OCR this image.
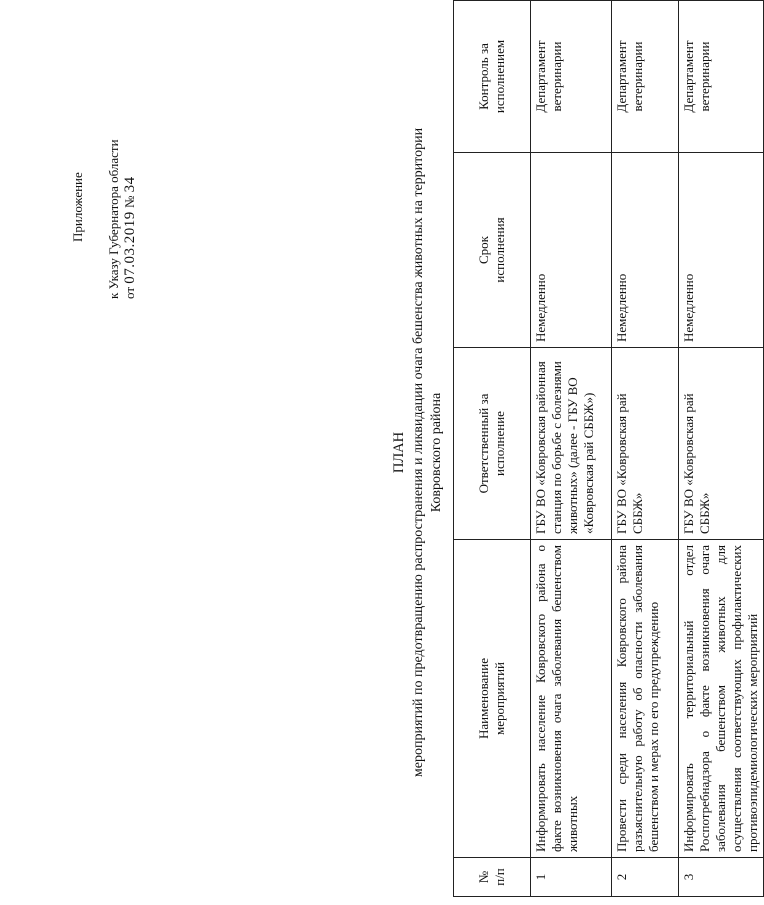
Приложение к Указу Губернатора области от 07.03.2019 № 34
ПЛАН мероприятий по предотвращению распространения и ликвидации очага бешенства животных на территории Ковровского района
№ п/п	Наименование мероприятий	Ответственный за исполнение	Срок исполнения	Контроль за исполнением

1	Информировать население Ковровского района о факте возникновения очага заболевания бешенством животных	ГБУ ВО «Ковровская районная станция по борьбе с болезнями животных» (далее - ГБУ ВО «Ковровская рай СББЖ»)	Немедленно	Департамент ветеринарии
2	Провести среди населения Ковровского района разъяснительную работу об опасности заболевания бешенством и мерах по его предупреждению	ГБУ ВО «Ковровская рай СББЖ»	Немедленно	Департамент ветеринарии
3	Информировать территориальный отдел Роспотребнадзора о факте возникновения очага заболевания бешенством животных для осуществления соответствующих профилактических противоэпидемиологических мероприятий	ГБУ ВО «Ковровская рай СББЖ»	Немедленно	Департамент ветеринарии
